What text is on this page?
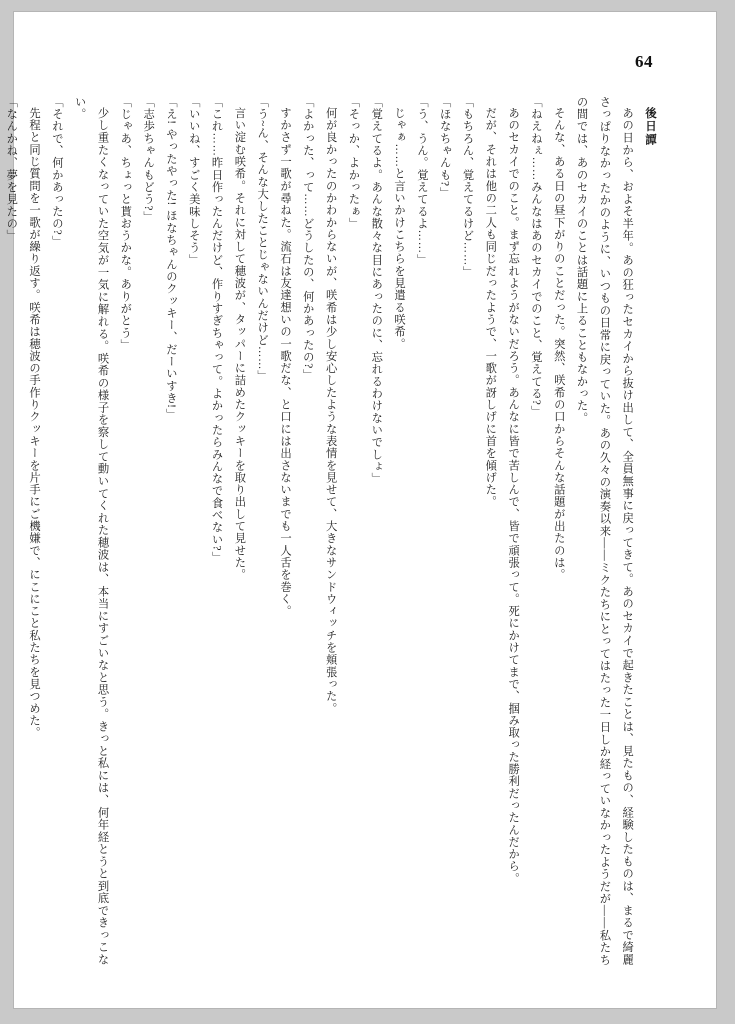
64

後日譚

あの日から、およそ半年。あの狂ったセカイから抜け出して、全員無事に戻ってきて。あのセカイで起きたことは、見たもの、経験したものは、まるで綺麗さっぱりなかったかのように、いつもの日常に戻っていた。あの久々の演奏以来――ミクたちにとってはたった一日しか経っていなかったようだが――私たちの間では、あのセカイのことは話題に上ることもなかった。

そんな、ある日の昼下がりのことだった。突然、咲希の口からそんな話題が出たのは。

「ねえねぇ……みんなはあのセカイでのこと、覚えてる?」

あのセカイでのこと。まず忘れようがないだろう。あんなに皆で苦しんで、皆で頑張って。死にかけてまで、掴み取った勝利だったんだから。

だが、それは他の二人も同じだったようで、一歌が訝しげに首を傾げた。

「もちろん、覚えてるけど……」

「ほなちゃんも?」

「う、うん。覚えてるよ……」

じゃぁ……と言いかけこちらを見遣る咲希。

「覚えてるよ。あんな散々な目にあったのに、忘れるわけないでしょ」

「そっか、よかったぁ」

何が良かったのかわからないが、咲希は少し安心したような表情を見せて、大きなサンドウィッチを頬張った。

「よかった、って……どうしたの、何かあったの?」

すかさず一歌が尋ねた。流石は友達想いの一歌だな、と口には出さないまでも一人舌を巻く。

「う~ん、そんな大したことじゃないんだけど……」

言い淀む咲希。それに対して穂波が、タッパーに詰めたクッキーを取り出して見せた。

「これ……昨日作ったんだけど、作りすぎちゃって。よかったらみんなで食べない?」

「いいね、すごく美味しそう」

「え! やったやった! ほなちゃんのクッキー、だーいすき!」

「志歩ちゃんもどう?」

「じゃあ、ちょっと貰おうかな。ありがとう」

少し重たくなっていた空気が一気に解れる。咲希の様子を察して動いてくれた穂波は、本当にすごいなと思う。きっと私には、何年経とうと到底できっこない。

「それで、何かあったの?」

先程と同じ質問を一歌が繰り返す。咲希は穂波の手作りクッキーを片手にご機嫌で、にこにこと私たちを見つめた。

「なんかね、夢を見たの」
